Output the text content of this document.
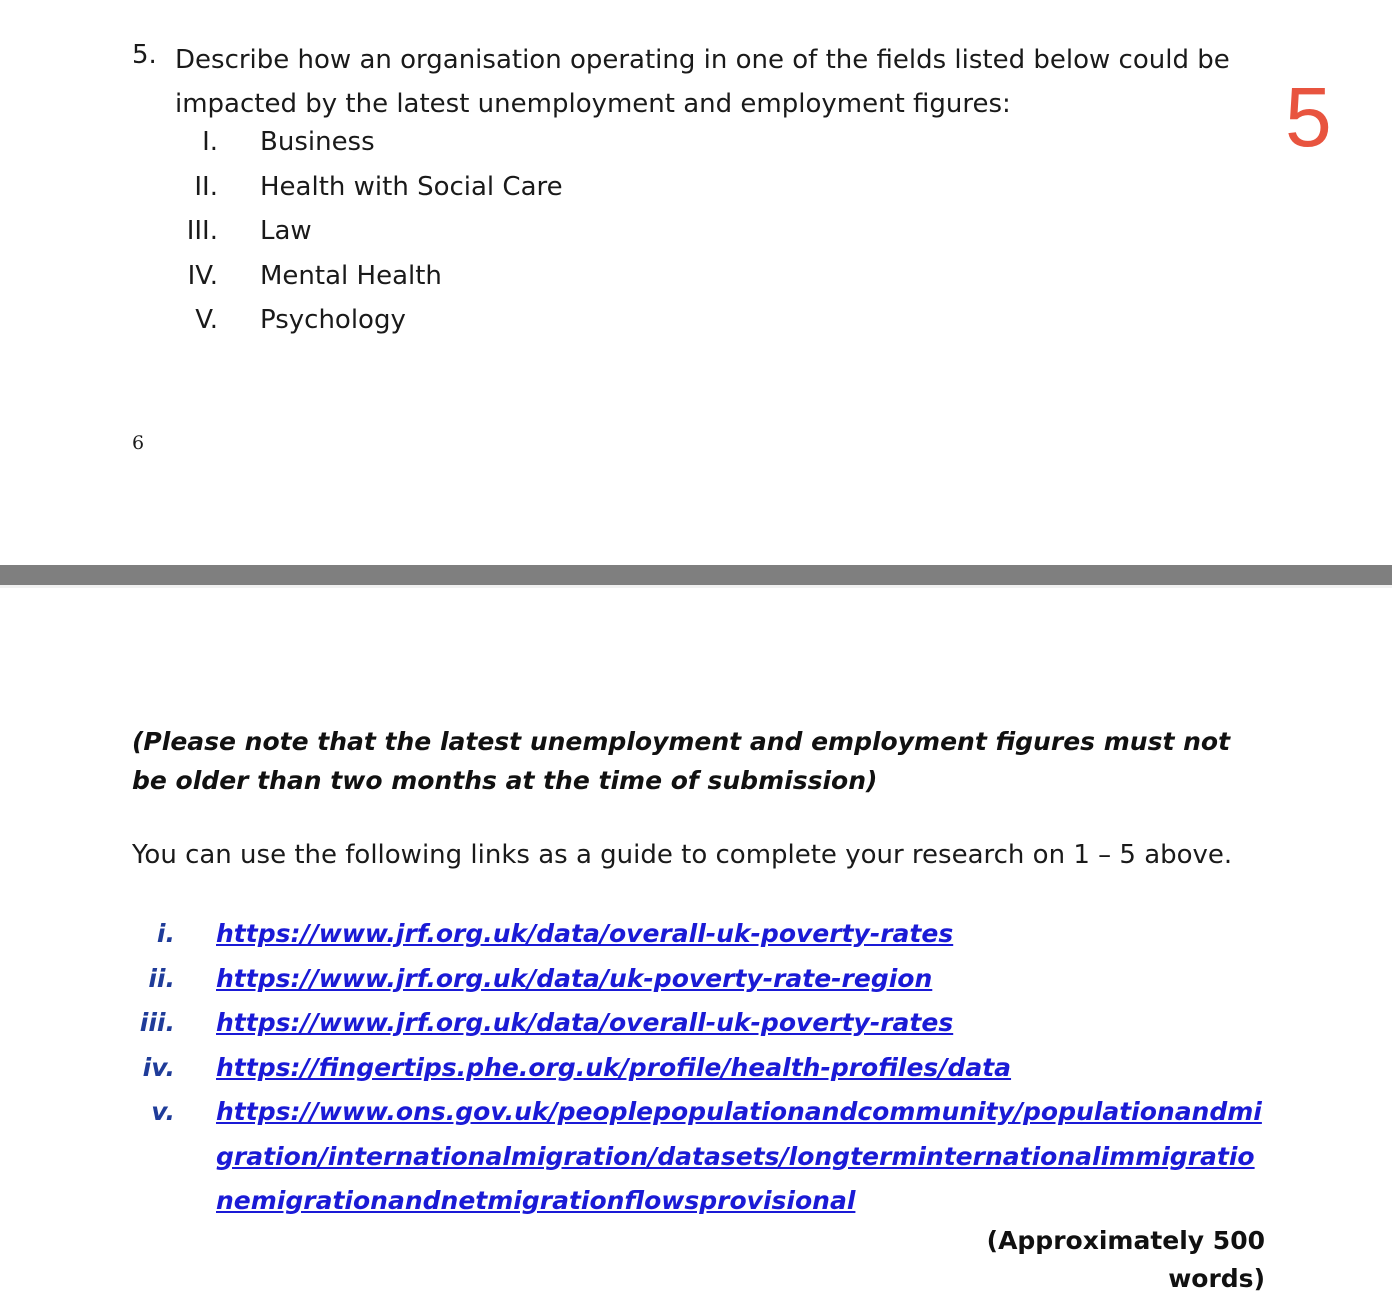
5. Describe how an organisation operating in one of the fields listed below could be impacted by the latest unemployment and employment figures:	5
I. Business
II. Health with Social Care
III. Law
IV. Mental Health
V. Psychology
6
(Please note that the latest unemployment and employment figures must not be older than two months at the time of submission)
You can use the following links as a guide to complete your research on 1 – 5 above.
i. https://www.jrf.org.uk/data/overall-uk-poverty-rates
ii. https://www.jrf.org.uk/data/uk-poverty-rate-region
iii. https://www.jrf.org.uk/data/overall-uk-poverty-rates
iv. https://fingertips.phe.org.uk/profile/health-profiles/data
v. https://www.ons.gov.uk/peoplepopulationandcommunity/populationandmigration/internationalmigration/datasets/longterminternationalimmigrationemigrationandnetmigrationflowsprovisional
(Approximately 500 words)
